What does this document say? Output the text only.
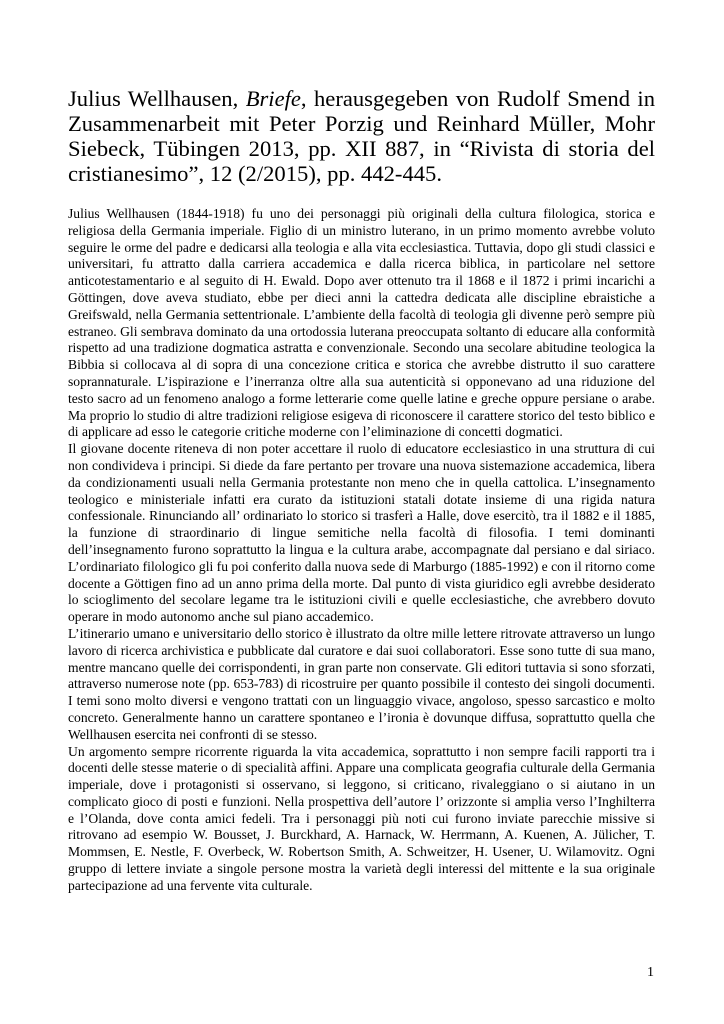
Julius Wellhausen, Briefe, herausgegeben von Rudolf Smend in Zusammenarbeit mit Peter Porzig und Reinhard Müller, Mohr Siebeck, Tübingen 2013, pp. XII 887, in “Rivista di storia del cristianesimo”, 12 (2/2015), pp. 442-445.

Julius Wellhausen (1844-1918) fu uno dei personaggi più originali della cultura filologica, storica e religiosa della Germania imperiale. Figlio di un ministro luterano, in un primo momento avrebbe voluto seguire le orme del padre e dedicarsi alla teologia e alla vita ecclesiastica. Tuttavia, dopo gli studi classici e universitari, fu attratto dalla carriera accademica e dalla ricerca biblica, in particolare nel settore anticotestamentario e al seguito di H. Ewald. Dopo aver ottenuto tra il 1868 e il 1872 i primi incarichi a Göttingen, dove aveva studiato, ebbe per dieci anni la cattedra dedicata alle discipline ebraistiche a Greifswald, nella Germania settentrionale. L’ambiente della facoltà di teologia gli divenne però sempre più estraneo. Gli sembrava dominato da una ortodossia luterana preoccupata soltanto di educare alla conformità rispetto ad una tradizione dogmatica astratta e convenzionale. Secondo una secolare abitudine teologica la Bibbia si collocava al di sopra di una concezione critica e storica che avrebbe distrutto il suo carattere soprannaturale. L’ispirazione e l’inerranza oltre alla sua autenticità si opponevano ad una riduzione del testo sacro ad un fenomeno analogo a forme letterarie come quelle latine e greche oppure persiane o arabe. Ma proprio lo studio di altre tradizioni religiose esigeva di riconoscere il carattere storico del testo biblico e di applicare ad esso le categorie critiche moderne con l’eliminazione di concetti dogmatici.

Il giovane docente riteneva di non poter accettare il ruolo di educatore ecclesiastico in una struttura di cui non condivideva i principi. Si diede da fare pertanto per trovare una nuova sistemazione accademica, libera da condizionamenti usuali nella Germania protestante non meno che in quella cattolica. L’insegnamento teologico e ministeriale infatti era curato da istituzioni statali dotate insieme di una rigida natura confessionale. Rinunciando all’ ordinariato lo storico si trasferì a Halle, dove esercitò, tra il 1882 e il 1885, la funzione di straordinario di lingue semitiche nella facoltà di filosofia. I temi dominanti dell’insegnamento furono soprattutto la lingua e la cultura arabe, accompagnate dal persiano e dal siriaco. L’ordinariato filologico gli fu poi conferito dalla nuova sede di Marburgo (1885-1992) e con il ritorno come docente a Göttigen fino ad un anno prima della morte. Dal punto di vista giuridico egli avrebbe desiderato lo scioglimento del secolare legame tra le istituzioni civili e quelle ecclesiastiche, che avrebbero dovuto operare in modo autonomo anche sul piano accademico.

L’itinerario umano e universitario dello storico è illustrato da oltre mille lettere ritrovate attraverso un lungo lavoro di ricerca archivistica e pubblicate dal curatore e dai suoi collaboratori. Esse sono tutte di sua mano, mentre mancano quelle dei corrispondenti, in gran parte non conservate. Gli editori tuttavia si sono sforzati, attraverso numerose note (pp. 653-783) di ricostruire per quanto possibile il contesto dei singoli documenti. I temi sono molto diversi e vengono trattati con un linguaggio vivace, angoloso, spesso sarcastico e molto concreto. Generalmente hanno un carattere spontaneo e l’ironia è dovunque diffusa, soprattutto quella che Wellhausen esercita nei confronti di se stesso.

Un argomento sempre ricorrente riguarda la vita accademica, soprattutto i non sempre facili rapporti tra i docenti delle stesse materie o di specialità affini. Appare una complicata geografia culturale della Germania imperiale, dove i protagonisti si osservano, si leggono, si criticano, rivaleggiano o si aiutano in un complicato gioco di posti e funzioni. Nella prospettiva dell’autore l’ orizzonte si amplia verso l’Inghilterra e l’Olanda, dove conta amici fedeli. Tra i personaggi più noti cui furono inviate parecchie missive si ritrovano ad esempio W. Bousset, J. Burckhard, A. Harnack, W. Herrmann, A. Kuenen, A. Jülicher, T. Mommsen, E. Nestle, F. Overbeck, W. Robertson Smith, A. Schweitzer, H. Usener, U. Wilamovitz. Ogni gruppo di lettere inviate a singole persone mostra la varietà degli interessi del mittente e la sua originale partecipazione ad una fervente vita culturale.

1
